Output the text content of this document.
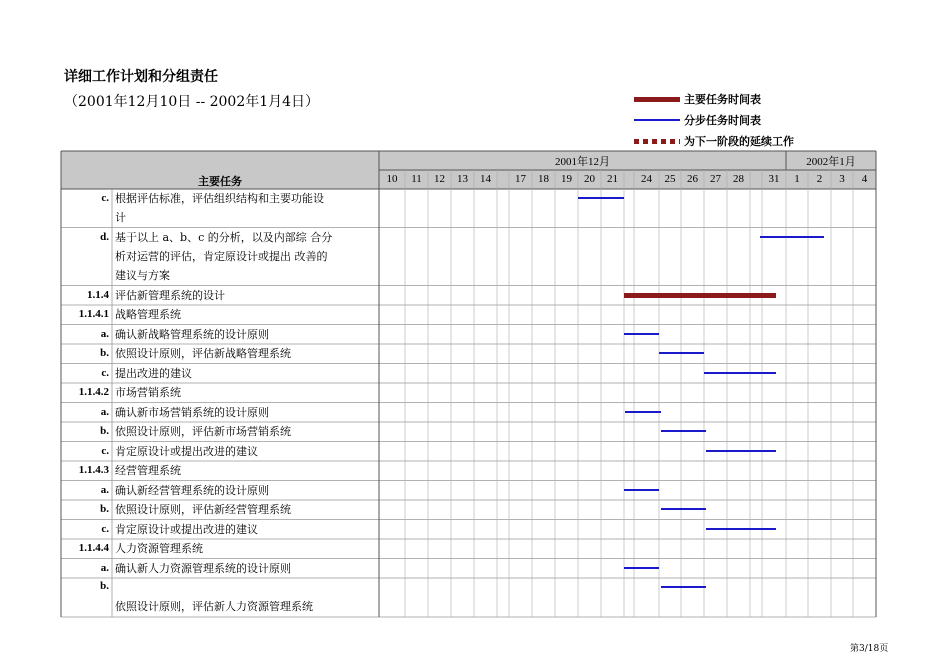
详细工作计划和分组责任
（2001年12月10日 -- 2002年1月4日）	主要任务时间表
分步任务时间表
为下一阶段的延续工作
主要任务
2001年12月	2002年1月
10	11	12	13	14	17	18	19	20	21	24	25	26	27	28	31	1	2	3	4
c. 根据评估标准，评估组织结构和主要功能设
计
d. 基于以上 a、b、c 的分析，以及内部综 合分
析对运营的评估，肯定原设计或提出 改善的
建议与方案
1.1.4 评估新管理系统的设计
1.1.4.1 战略管理系统
a. 确认新战略管理系统的设计原则
b. 依照设计原则，评估新战略管理系统
c. 提出改进的建议
1.1.4.2 市场营销系统
a. 确认新市场营销系统的设计原则
b. 依照设计原则，评估新市场营销系统
c. 肯定原设计或提出改进的建议
1.1.4.3 经营管理系统
a. 确认新经营管理系统的设计原则
b. 依照设计原则，评估新经营管理系统
c. 肯定原设计或提出改进的建议
1.1.4.4 人力资源管理系统
a. 确认新人力资源管理系统的设计原则
b.
依照设计原则，评估新人力资源管理系统
第3/18页
